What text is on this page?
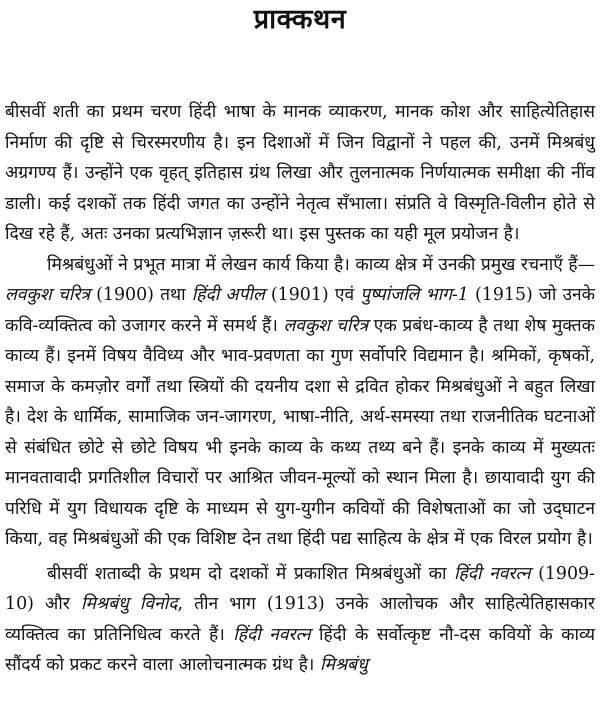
प्राक्कथन

बीसवीं शती का प्रथम चरण हिंदी भाषा के मानक व्याकरण, मानक कोश और साहित्येतिहास निर्माण की दृष्टि से चिरस्मरणीय है। इन दिशाओं में जिन विद्वानों ने पहल की, उनमें मिश्रबंधु अग्रगण्य हैं। उन्होंने एक वृहत् इतिहास ग्रंथ लिखा और तुलनात्मक निर्णयात्मक समीक्षा की नींव डाली। कई दशकों तक हिंदी जगत का उन्होंने नेतृत्व सँभाला। संप्रति वे विस्मृति-विलीन होते से दिख रहे हैं, अतः उनका प्रत्यभिज्ञान ज़रूरी था। इस पुस्तक का यही मूल प्रयोजन है।

मिश्रबंधुओं ने प्रभूत मात्रा में लेखन कार्य किया है। काव्य क्षेत्र में उनकी प्रमुख रचनाएँ हैं—लवकुश चरित्र (1900) तथा हिंदी अपील (1901) एवं पुष्पांजलि भाग-1 (1915) जो उनके कवि-व्यक्तित्व को उजागर करने में समर्थ हैं। लवकुश चरित्र एक प्रबंध-काव्य है तथा शेष मुक्तक काव्य हैं। इनमें विषय वैविध्य और भाव-प्रवणता का गुण सर्वोपरि विद्यमान है। श्रमिकों, कृषकों, समाज के कमज़ोर वर्गों तथा स्त्रियों की दयनीय दशा से द्रवित होकर मिश्रबंधुओं ने बहुत लिखा है। देश के धार्मिक, सामाजिक जन-जागरण, भाषा-नीति, अर्थ-समस्या तथा राजनीतिक घटनाओं से संबंधित छोटे से छोटे विषय भी इनके काव्य के कथ्य तथ्य बने हैं। इनके काव्य में मुख्यतः मानवतावादी प्रगतिशील विचारों पर आश्रित जीवन-मूल्यों को स्थान मिला है। छायावादी युग की परिधि में युग विधायक दृष्टि के माध्यम से युग-युगीन कवियों की विशेषताओं का जो उद्‌घाटन किया, वह मिश्रबंधुओं की एक विशिष्ट देन तथा हिंदी पद्य साहित्य के क्षेत्र में एक विरल प्रयोग है।

बीसवीं शताब्दी के प्रथम दो दशकों में प्रकाशित मिश्रबंधुओं का हिंदी नवरत्न (1909-10) और मिश्रबंधु विनोद, तीन भाग (1913) उनके आलोचक और साहित्येतिहासकार व्यक्तित्व का प्रतिनिधित्व करते हैं। हिंदी नवरत्न हिंदी के सर्वोत्कृष्ट नौ-दस कवियों के काव्य सौंदर्य को प्रकट करने वाला आलोचनात्मक ग्रंथ है। मिश्रबंधु
